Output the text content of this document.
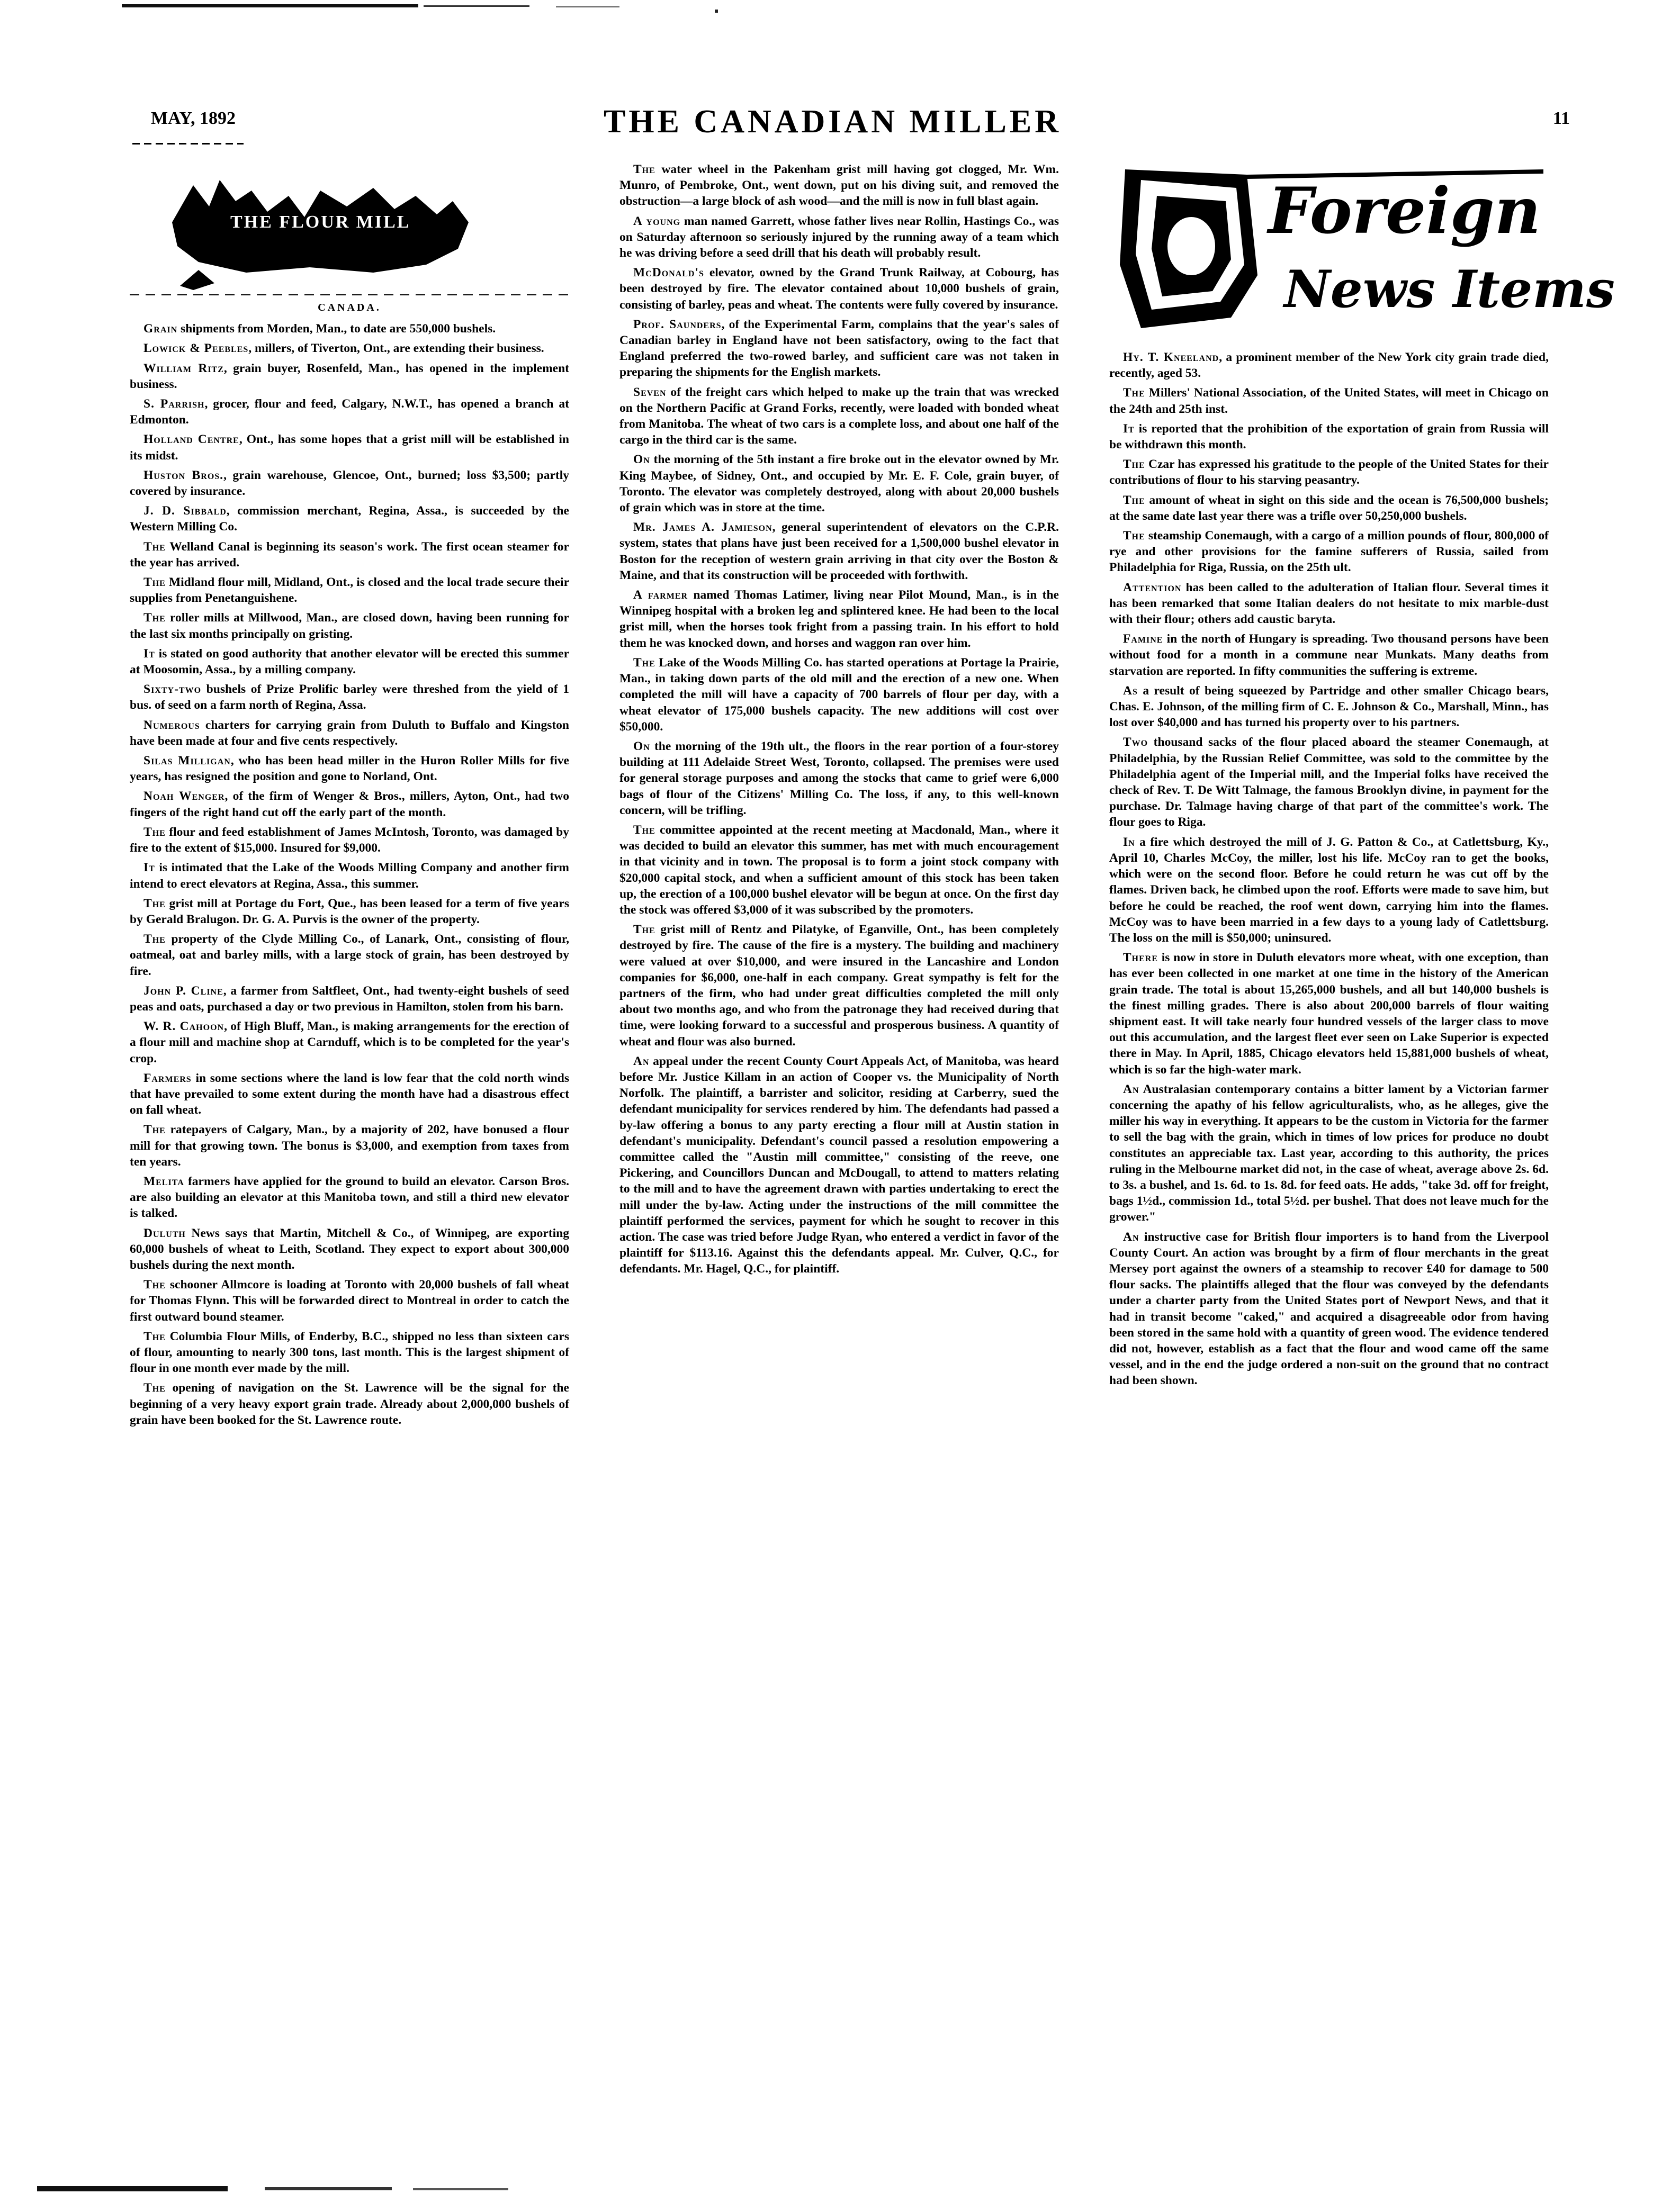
MAY, 1892	THE CANADIAN MILLER	11
THE FLOUR MILL
CANADA.

Grain shipments from Morden, Man., to date are 550,000 bushels.

Lowick & Peebles, millers, of Tiverton, Ont., are extending their business.

William Ritz, grain buyer, Rosenfeld, Man., has opened in the implement business.

S. Parrish, grocer, flour and feed, Calgary, N.W.T., has opened a branch at Edmonton.

Holland Centre, Ont., has some hopes that a grist mill will be established in its midst.

Huston Bros., grain warehouse, Glencoe, Ont., burned; loss $3,500; partly covered by insurance.

J. D. Sibbald, commission merchant, Regina, Assa., is succeeded by the Western Milling Co.

The Welland Canal is beginning its season's work. The first ocean steamer for the year has arrived.

The Midland flour mill, Midland, Ont., is closed and the local trade secure their supplies from Penetanguishene.

The roller mills at Millwood, Man., are closed down, having been running for the last six months principally on gristing.

It is stated on good authority that another elevator will be erected this summer at Moosomin, Assa., by a milling company.

Sixty-two bushels of Prize Prolific barley were threshed from the yield of 1 bus. of seed on a farm north of Regina, Assa.

Numerous charters for carrying grain from Duluth to Buffalo and Kingston have been made at four and five cents respectively.

Silas Milligan, who has been head miller in the Huron Roller Mills for five years, has resigned the position and gone to Norland, Ont.

Noah Wenger, of the firm of Wenger & Bros., millers, Ayton, Ont., had two fingers of the right hand cut off the early part of the month.

The flour and feed establishment of James McIntosh, Toronto, was damaged by fire to the extent of $15,000. Insured for $9,000.

It is intimated that the Lake of the Woods Milling Company and another firm intend to erect elevators at Regina, Assa., this summer.

The grist mill at Portage du Fort, Que., has been leased for a term of five years by Gerald Bralugon. Dr. G. A. Purvis is the owner of the property.

The property of the Clyde Milling Co., of Lanark, Ont., consisting of flour, oatmeal, oat and barley mills, with a large stock of grain, has been destroyed by fire.

John P. Cline, a farmer from Saltfleet, Ont., had twenty-eight bushels of seed peas and oats, purchased a day or two previous in Hamilton, stolen from his barn.

W. R. Cahoon, of High Bluff, Man., is making arrangements for the erection of a flour mill and machine shop at Carnduff, which is to be completed for the year's crop.

Farmers in some sections where the land is low fear that the cold north winds that have prevailed to some extent during the month have had a disastrous effect on fall wheat.

The ratepayers of Calgary, Man., by a majority of 202, have bonused a flour mill for that growing town. The bonus is $3,000, and exemption from taxes from ten years.

Melita farmers have applied for the ground to build an elevator. Carson Bros. are also building an elevator at this Manitoba town, and still a third new elevator is talked.

Duluth News says that Martin, Mitchell & Co., of Winnipeg, are exporting 60,000 bushels of wheat to Leith, Scotland. They expect to export about 300,000 bushels during the next month.

The schooner Allmcore is loading at Toronto with 20,000 bushels of fall wheat for Thomas Flynn. This will be forwarded direct to Montreal in order to catch the first outward bound steamer.

The Columbia Flour Mills, of Enderby, B.C., shipped no less than sixteen cars of flour, amounting to nearly 300 tons, last month. This is the largest shipment of flour in one month ever made by the mill.

The opening of navigation on the St. Lawrence will be the signal for the beginning of a very heavy export grain trade. Already about 2,000,000 bushels of grain have been booked for the St. Lawrence route.

The water wheel in the Pakenham grist mill having got clogged, Mr. Wm. Munro, of Pembroke, Ont., went down, put on his diving suit, and removed the obstruction—a large block of ash wood—and the mill is now in full blast again.

A young man named Garrett, whose father lives near Rollin, Hastings Co., was on Saturday afternoon so seriously injured by the running away of a team which he was driving before a seed drill that his death will probably result.

McDonald's elevator, owned by the Grand Trunk Railway, at Cobourg, has been destroyed by fire. The elevator contained about 10,000 bushels of grain, consisting of barley, peas and wheat. The contents were fully covered by insurance.

Prof. Saunders, of the Experimental Farm, complains that the year's sales of Canadian barley in England have not been satisfactory, owing to the fact that England preferred the two-rowed barley, and sufficient care was not taken in preparing the shipments for the English markets.

Seven of the freight cars which helped to make up the train that was wrecked on the Northern Pacific at Grand Forks, recently, were loaded with bonded wheat from Manitoba. The wheat of two cars is a complete loss, and about one half of the cargo in the third car is the same.

On the morning of the 5th instant a fire broke out in the elevator owned by Mr. King Maybee, of Sidney, Ont., and occupied by Mr. E. F. Cole, grain buyer, of Toronto. The elevator was completely destroyed, along with about 20,000 bushels of grain which was in store at the time.

Mr. James A. Jamieson, general superintendent of elevators on the C.P.R. system, states that plans have just been received for a 1,500,000 bushel elevator in Boston for the reception of western grain arriving in that city over the Boston & Maine, and that its construction will be proceeded with forthwith.

A farmer named Thomas Latimer, living near Pilot Mound, Man., is in the Winnipeg hospital with a broken leg and splintered knee. He had been to the local grist mill, when the horses took fright from a passing train. In his effort to hold them he was knocked down, and horses and waggon ran over him.

The Lake of the Woods Milling Co. has started operations at Portage la Prairie, Man., in taking down parts of the old mill and the erection of a new one. When completed the mill will have a capacity of 700 barrels of flour per day, with a wheat elevator of 175,000 bushels capacity. The new additions will cost over $50,000.

On the morning of the 19th ult., the floors in the rear portion of a four-storey building at 111 Adelaide Street West, Toronto, collapsed. The premises were used for general storage purposes and among the stocks that came to grief were 6,000 bags of flour of the Citizens' Milling Co. The loss, if any, to this well-known concern, will be trifling.

The committee appointed at the recent meeting at Macdonald, Man., where it was decided to build an elevator this summer, has met with much encouragement in that vicinity and in town. The proposal is to form a joint stock company with $20,000 capital stock, and when a sufficient amount of this stock has been taken up, the erection of a 100,000 bushel elevator will be begun at once. On the first day the stock was offered $3,000 of it was subscribed by the promoters.

The grist mill of Rentz and Pilatyke, of Eganville, Ont., has been completely destroyed by fire. The cause of the fire is a mystery. The building and machinery were valued at over $10,000, and were insured in the Lancashire and London companies for $6,000, one-half in each company. Great sympathy is felt for the partners of the firm, who had under great difficulties completed the mill only about two months ago, and who from the patronage they had received during that time, were looking forward to a successful and prosperous business. A quantity of wheat and flour was also burned.

An appeal under the recent County Court Appeals Act, of Manitoba, was heard before Mr. Justice Killam in an action of Cooper vs. the Municipality of North Norfolk. The plaintiff, a barrister and solicitor, residing at Carberry, sued the defendant municipality for services rendered by him. The defendants had passed a by-law offering a bonus to any party erecting a flour mill at Austin station in defendant's municipality. Defendant's council passed a resolution empowering a committee called the "Austin mill committee," consisting of the reeve, one Pickering, and Councillors Duncan and McDougall, to attend to matters relating to the mill and to have the agreement drawn with parties undertaking to erect the mill under the by-law. Acting under the instructions of the mill committee the plaintiff performed the services, payment for which he sought to recover in this action. The case was tried before Judge Ryan, who entered a verdict in favor of the plaintiff for $113.16. Against this the defendants appeal. Mr. Culver, Q.C., for defendants. Mr. Hagel, Q.C., for plaintiff.

Foreign
News Items

Hy. T. Kneeland, a prominent member of the New York city grain trade died, recently, aged 53.

The Millers' National Association, of the United States, will meet in Chicago on the 24th and 25th inst.

It is reported that the prohibition of the exportation of grain from Russia will be withdrawn this month.

The Czar has expressed his gratitude to the people of the United States for their contributions of flour to his starving peasantry.

The amount of wheat in sight on this side and the ocean is 76,500,000 bushels; at the same date last year there was a trifle over 50,250,000 bushels.

The steamship Conemaugh, with a cargo of a million pounds of flour, 800,000 of rye and other provisions for the famine sufferers of Russia, sailed from Philadelphia for Riga, Russia, on the 25th ult.

Attention has been called to the adulteration of Italian flour. Several times it has been remarked that some Italian dealers do not hesitate to mix marble-dust with their flour; others add caustic baryta.

Famine in the north of Hungary is spreading. Two thousand persons have been without food for a month in a commune near Munkats. Many deaths from starvation are reported. In fifty communities the suffering is extreme.

As a result of being squeezed by Partridge and other smaller Chicago bears, Chas. E. Johnson, of the milling firm of C. E. Johnson & Co., Marshall, Minn., has lost over $40,000 and has turned his property over to his partners.

Two thousand sacks of the flour placed aboard the steamer Conemaugh, at Philadelphia, by the Russian Relief Committee, was sold to the committee by the Philadelphia agent of the Imperial mill, and the Imperial folks have received the check of Rev. T. De Witt Talmage, the famous Brooklyn divine, in payment for the purchase. Dr. Talmage having charge of that part of the committee's work. The flour goes to Riga.

In a fire which destroyed the mill of J. G. Patton & Co., at Catlettsburg, Ky., April 10, Charles McCoy, the miller, lost his life. McCoy ran to get the books, which were on the second floor. Before he could return he was cut off by the flames. Driven back, he climbed upon the roof. Efforts were made to save him, but before he could be reached, the roof went down, carrying him into the flames. McCoy was to have been married in a few days to a young lady of Catlettsburg. The loss on the mill is $50,000; uninsured.

There is now in store in Duluth elevators more wheat, with one exception, than has ever been collected in one market at one time in the history of the American grain trade. The total is about 15,265,000 bushels, and all but 140,000 bushels is the finest milling grades. There is also about 200,000 barrels of flour waiting shipment east. It will take nearly four hundred vessels of the larger class to move out this accumulation, and the largest fleet ever seen on Lake Superior is expected there in May. In April, 1885, Chicago elevators held 15,881,000 bushels of wheat, which is so far the high-water mark.

An Australasian contemporary contains a bitter lament by a Victorian farmer concerning the apathy of his fellow agriculturalists, who, as he alleges, give the miller his way in everything. It appears to be the custom in Victoria for the farmer to sell the bag with the grain, which in times of low prices for produce no doubt constitutes an appreciable tax. Last year, according to this authority, the prices ruling in the Melbourne market did not, in the case of wheat, average above 2s. 6d. to 3s. a bushel, and 1s. 6d. to 1s. 8d. for feed oats. He adds, "take 3d. off for freight, bags 1½d., commission 1d., total 5½d. per bushel. That does not leave much for the grower."

An instructive case for British flour importers is to hand from the Liverpool County Court. An action was brought by a firm of flour merchants in the great Mersey port against the owners of a steamship to recover £40 for damage to 500 flour sacks. The plaintiffs alleged that the flour was conveyed by the defendants under a charter party from the United States port of Newport News, and that it had in transit become "caked," and acquired a disagreeable odor from having been stored in the same hold with a quantity of green wood. The evidence tendered did not, however, establish as a fact that the flour and wood came off the same vessel, and in the end the judge ordered a non-suit on the ground that no contract had been shown.
